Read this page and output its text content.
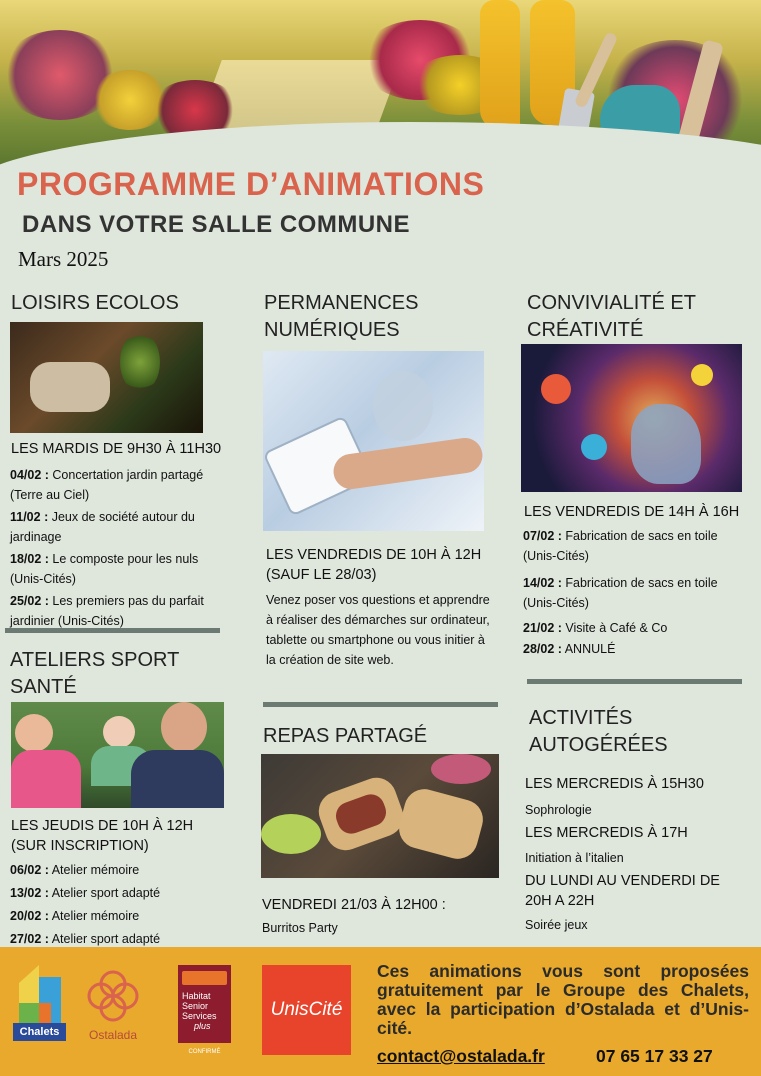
PROGRAMME D’ANIMATIONS
DANS VOTRE SALLE COMMUNE
Mars 2025
LOISIRS ECOLOS
LES MARDIS DE 9H30 À 11H30
04/02 : Concertation jardin partagé (Terre au Ciel)
11/02 : Jeux de société autour du jardinage
18/02 : Le composte pour les nuls (Unis-Cités)
25/02 : Les premiers pas du parfait jardinier (Unis-Cités)
ATELIERS SPORT SANTÉ
LES JEUDIS DE 10H À 12H (SUR INSCRIPTION)
06/02 : Atelier mémoire
13/02 : Atelier sport adapté
20/02 : Atelier mémoire
27/02 : Atelier sport adapté
PERMANENCES NUMÉRIQUES
LES VENDREDIS DE 10H À 12H (SAUF LE 28/03)
Venez poser vos questions et apprendre à réaliser des démarches sur ordinateur, tablette ou smartphone ou vous initier à la création de site web.
REPAS PARTAGÉ
VENDREDI 21/03 À 12H00 :
Burritos Party
CONVIVIALITÉ ET CRÉATIVITÉ
LES VENDREDIS DE 14H À 16H
07/02 : Fabrication de sacs en toile (Unis-Cités)
14/02 : Fabrication de sacs en toile (Unis-Cités)
21/02 : Visite à Café & Co
28/02 : ANNULÉ
ACTIVITÉS AUTOGÉRÉES
LES MERCREDIS À 15H30
Sophrologie
LES MERCREDIS À 17H
Initiation à l’italien
DU LUNDI AU VENDERDI DE 20H A 22H
Soirée jeux
Chalets	Ostalada
Habitat
Senior
Services
plus
CONFIRMÉ
UnisCité
Ces animations vous sont proposées gratuitement par le Groupe des Chalets, avec la participation d’Ostalada et d’Unis-cité.
contact@ostalada.fr	07 65 17 33 27
